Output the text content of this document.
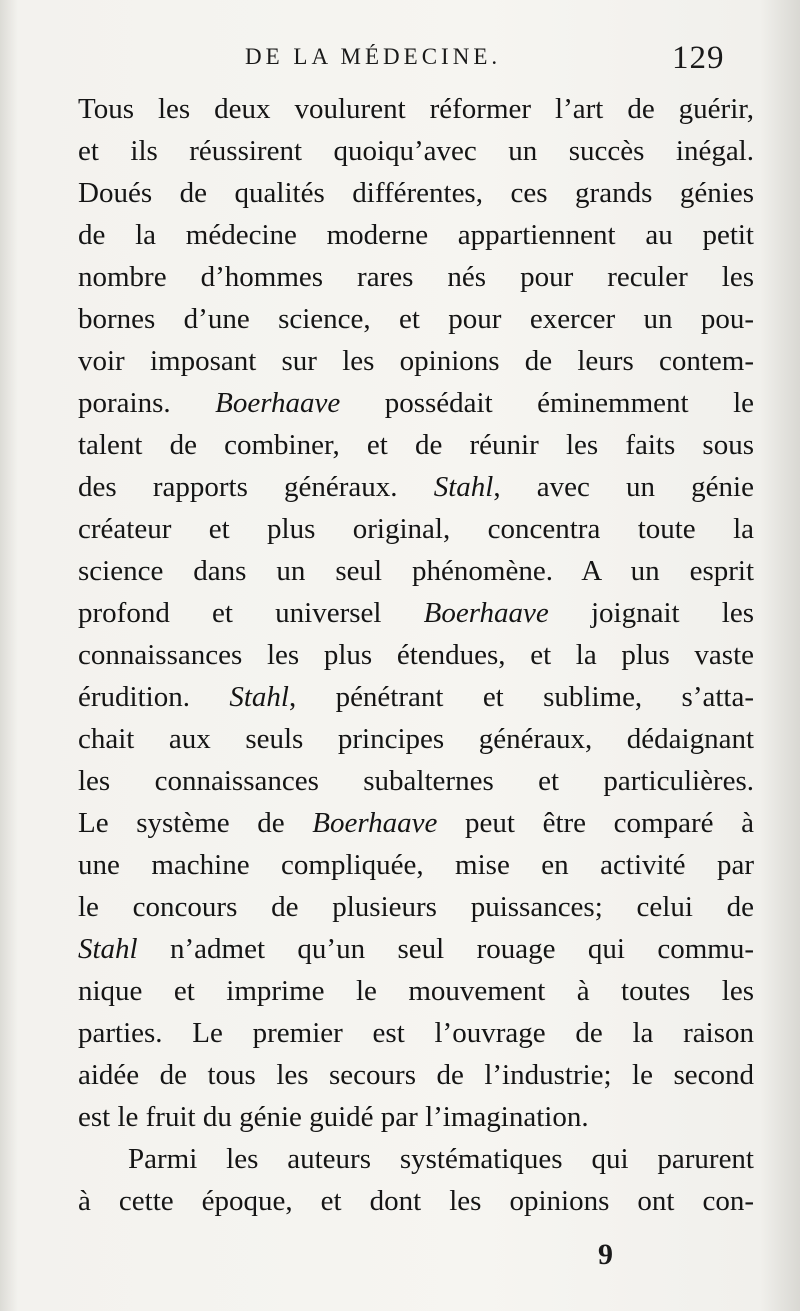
DE LA MÉDECINE.	129
Tous les deux voulurent réformer l’art de guérir,
et ils réussirent quoiqu’avec un succès inégal.
Doués de qualités différentes, ces grands génies
de la médecine moderne appartiennent au petit
nombre d’hommes rares nés pour reculer les
bornes d’une science, et pour exercer un pou-
voir imposant sur les opinions de leurs contem-
porains. Boerhaave possédait éminemment le
talent de combiner, et de réunir les faits sous
des rapports généraux. Stahl, avec un génie
créateur et plus original, concentra toute la
science dans un seul phénomène. A un esprit
profond et universel Boerhaave joignait les
connaissances les plus étendues, et la plus vaste
érudition. Stahl, pénétrant et sublime, s’atta-
chait aux seuls principes généraux, dédaignant
les connaissances subalternes et particulières.
Le système de Boerhaave peut être comparé à
une machine compliquée, mise en activité par
le concours de plusieurs puissances; celui de
Stahl n’admet qu’un seul rouage qui commu-
nique et imprime le mouvement à toutes les
parties. Le premier est l’ouvrage de la raison
aidée de tous les secours de l’industrie; le second
est le fruit du génie guidé par l’imagination.
Parmi les auteurs systématiques qui parurent
à cette époque, et dont les opinions ont con-
9
